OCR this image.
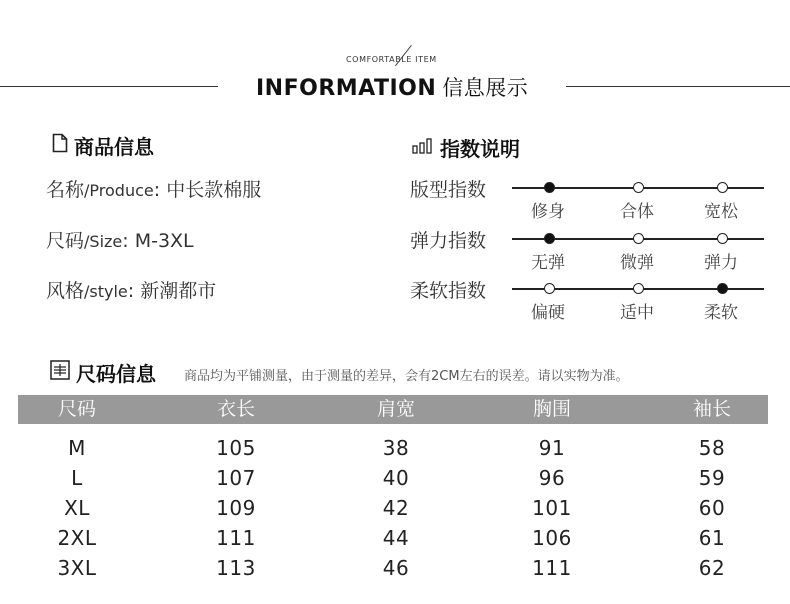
COMFORTABLE ITEM
INFORMATION 信息展示
商品信息
名称/Produce: 中长款棉服
尺码/Size: M-3XL
风格/style: 新潮都市
指数说明
版型指数
修身	合体	宽松
弹力指数
无弹	微弹	弹力
柔软指数
偏硬	适中	柔软
尺码信息 商品均为平铺测量，由于测量的差异，会有2CM左右的误差。请以实物为准。
尺码	衣长	肩宽	胸围	袖长
M	105	38	91	58
L	107	40	96	59
XL	109	42	101	60
2XL	111	44	106	61
3XL	113	46	111	62
